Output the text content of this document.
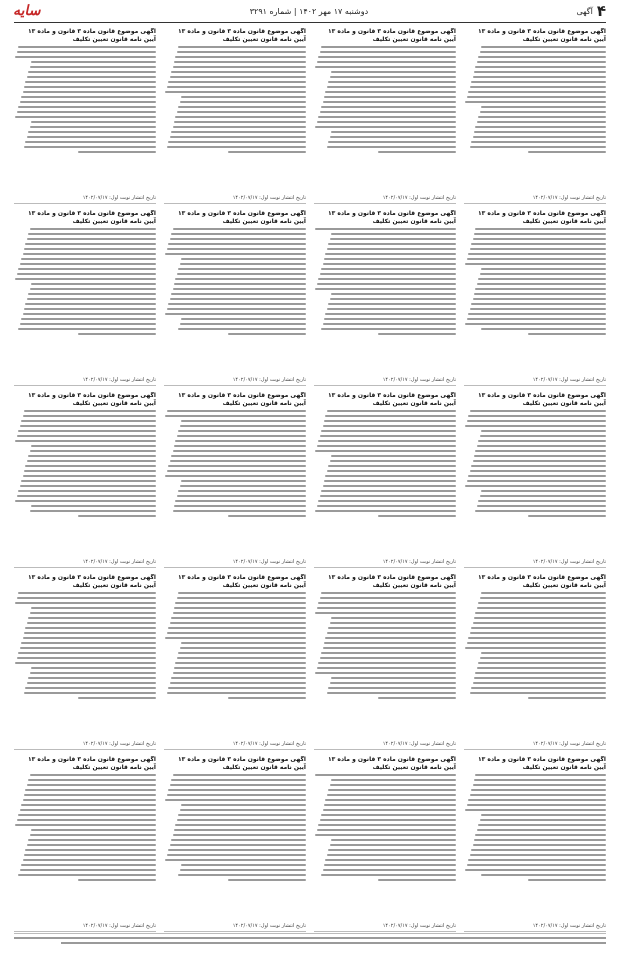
۴
آگهی
دوشنبه ۱۷ مهر ۱۴۰۲ | شماره ۳۲۹۱
سایه
آگهی موضوع قانون ماده ۳ قانون و ماده ۱۳ آیین نامه قانون تعیین تکلیف
تاریخ انتشار نوبت اول: ۱۴۰۲/۰۷/۱۷
آگهی موضوع قانون ماده ۳ قانون و ماده ۱۳ آیین نامه قانون تعیین تکلیف
تاریخ انتشار نوبت اول: ۱۴۰۲/۰۷/۱۷
آگهی موضوع قانون ماده ۳ قانون و ماده ۱۳ آیین نامه قانون تعیین تکلیف
تاریخ انتشار نوبت اول: ۱۴۰۲/۰۷/۱۷
آگهی موضوع قانون ماده ۳ قانون و ماده ۱۳ آیین نامه قانون تعیین تکلیف
تاریخ انتشار نوبت اول: ۱۴۰۲/۰۷/۱۷
آگهی موضوع قانون ماده ۳ قانون و ماده ۱۳ آیین نامه قانون تعیین تکلیف
تاریخ انتشار نوبت اول: ۱۴۰۲/۰۷/۱۷
آگهی موضوع قانون ماده ۳ قانون و ماده ۱۳ آیین نامه قانون تعیین تکلیف
تاریخ انتشار نوبت اول: ۱۴۰۲/۰۷/۱۷
آگهی موضوع قانون ماده ۳ قانون و ماده ۱۳ آیین نامه قانون تعیین تکلیف
تاریخ انتشار نوبت اول: ۱۴۰۲/۰۷/۱۷
آگهی موضوع قانون ماده ۳ قانون و ماده ۱۳ آیین نامه قانون تعیین تکلیف
تاریخ انتشار نوبت اول: ۱۴۰۲/۰۷/۱۷
آگهی موضوع قانون ماده ۳ قانون و ماده ۱۳ آیین نامه قانون تعیین تکلیف
تاریخ انتشار نوبت اول: ۱۴۰۲/۰۷/۱۷
آگهی موضوع قانون ماده ۳ قانون و ماده ۱۳ آیین نامه قانون تعیین تکلیف
تاریخ انتشار نوبت اول: ۱۴۰۲/۰۷/۱۷
آگهی موضوع قانون ماده ۳ قانون و ماده ۱۳ آیین نامه قانون تعیین تکلیف
تاریخ انتشار نوبت اول: ۱۴۰۲/۰۷/۱۷
آگهی موضوع قانون ماده ۳ قانون و ماده ۱۳ آیین نامه قانون تعیین تکلیف
تاریخ انتشار نوبت اول: ۱۴۰۲/۰۷/۱۷
آگهی موضوع قانون ماده ۳ قانون و ماده ۱۳ آیین نامه قانون تعیین تکلیف
تاریخ انتشار نوبت اول: ۱۴۰۲/۰۷/۱۷
آگهی موضوع قانون ماده ۳ قانون و ماده ۱۳ آیین نامه قانون تعیین تکلیف
تاریخ انتشار نوبت اول: ۱۴۰۲/۰۷/۱۷
آگهی موضوع قانون ماده ۳ قانون و ماده ۱۳ آیین نامه قانون تعیین تکلیف
تاریخ انتشار نوبت اول: ۱۴۰۲/۰۷/۱۷
آگهی موضوع قانون ماده ۳ قانون و ماده ۱۳ آیین نامه قانون تعیین تکلیف
تاریخ انتشار نوبت اول: ۱۴۰۲/۰۷/۱۷
آگهی موضوع قانون ماده ۳ قانون و ماده ۱۳ آیین نامه قانون تعیین تکلیف
تاریخ انتشار نوبت اول: ۱۴۰۲/۰۷/۱۷
آگهی موضوع قانون ماده ۳ قانون و ماده ۱۳ آیین نامه قانون تعیین تکلیف
تاریخ انتشار نوبت اول: ۱۴۰۲/۰۷/۱۷
آگهی موضوع قانون ماده ۳ قانون و ماده ۱۳ آیین نامه قانون تعیین تکلیف
تاریخ انتشار نوبت اول: ۱۴۰۲/۰۷/۱۷
آگهی موضوع قانون ماده ۳ قانون و ماده ۱۳ آیین نامه قانون تعیین تکلیف
تاریخ انتشار نوبت اول: ۱۴۰۲/۰۷/۱۷
